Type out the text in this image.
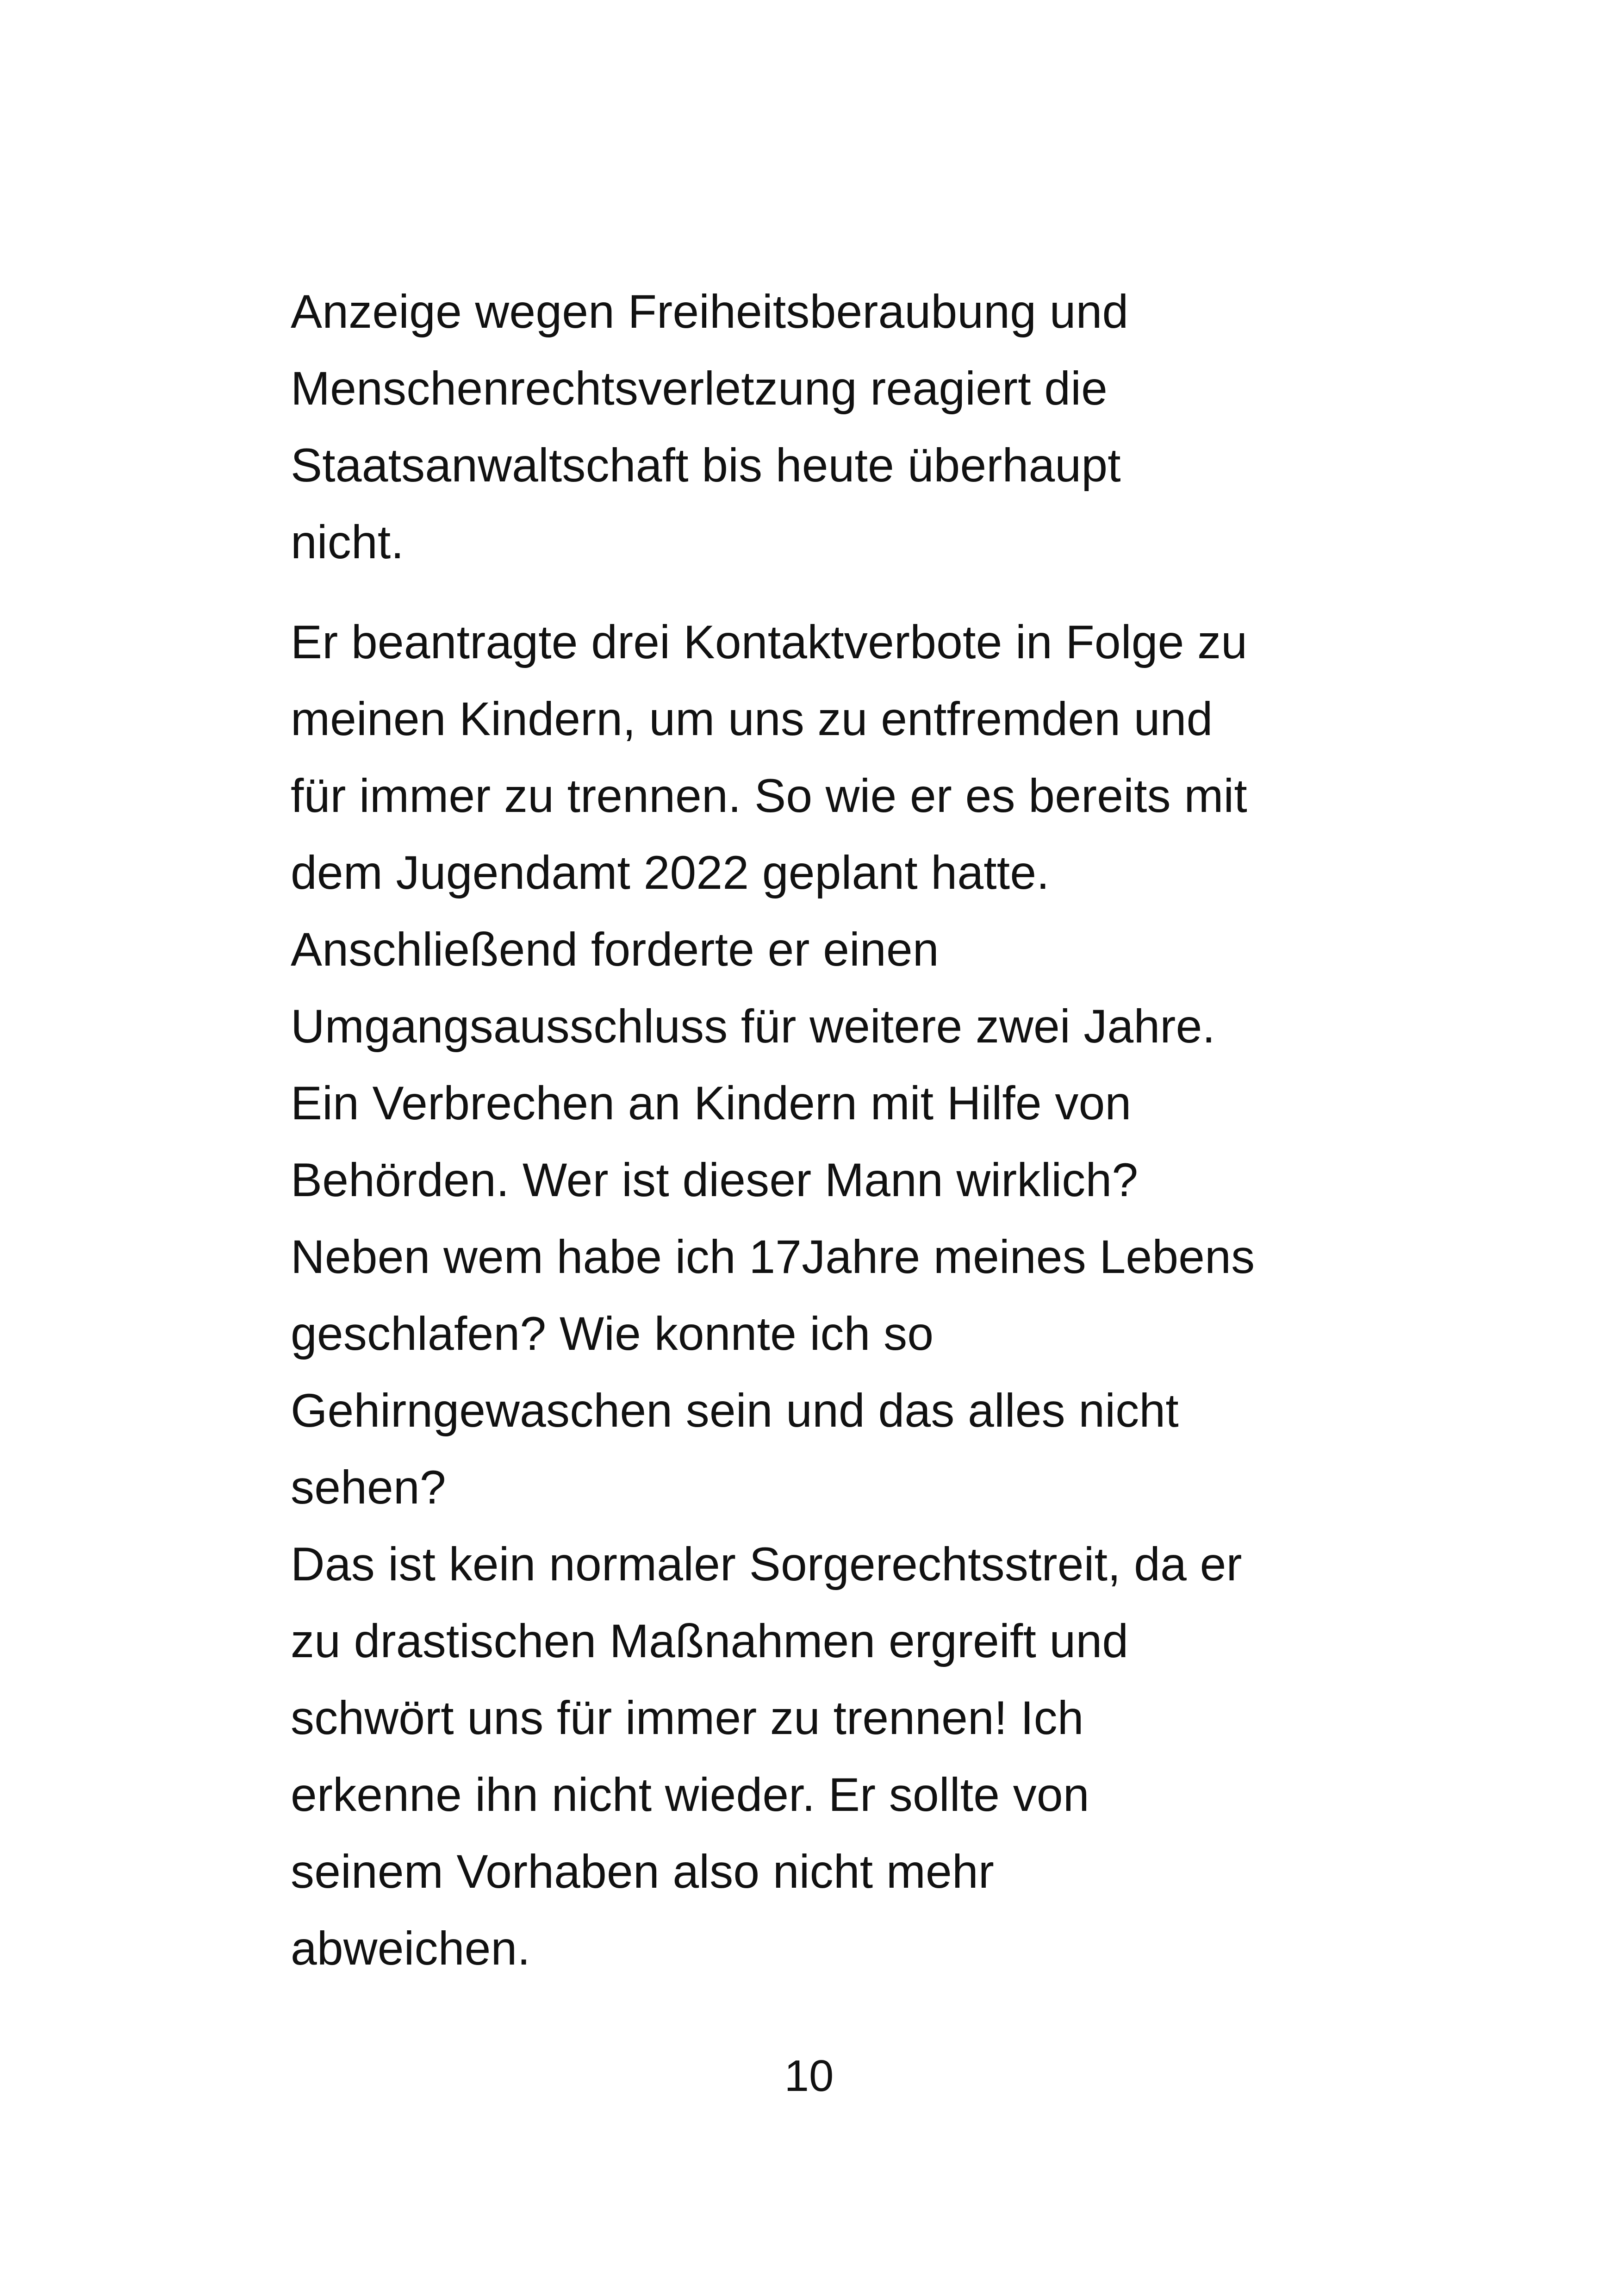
Anzeige wegen Freiheitsberaubung und
Menschenrechtsverletzung reagiert die
Staatsanwaltschaft bis heute überhaupt
nicht.
Er beantragte drei Kontaktverbote in Folge zu
meinen Kindern, um uns zu entfremden und
für immer zu trennen. So wie er es bereits mit
dem Jugendamt 2022 geplant hatte.
Anschließend forderte er einen
Umgangsausschluss für weitere zwei Jahre.
Ein Verbrechen an Kindern mit Hilfe von
Behörden. Wer ist dieser Mann wirklich?
Neben wem habe ich 17Jahre meines Lebens
geschlafen? Wie konnte ich so
Gehirngewaschen sein und das alles nicht
sehen?
Das ist kein normaler Sorgerechtsstreit, da er
zu drastischen Maßnahmen ergreift und
schwört uns für immer zu trennen! Ich
erkenne ihn nicht wieder. Er sollte von
seinem Vorhaben also nicht mehr
abweichen.
10
